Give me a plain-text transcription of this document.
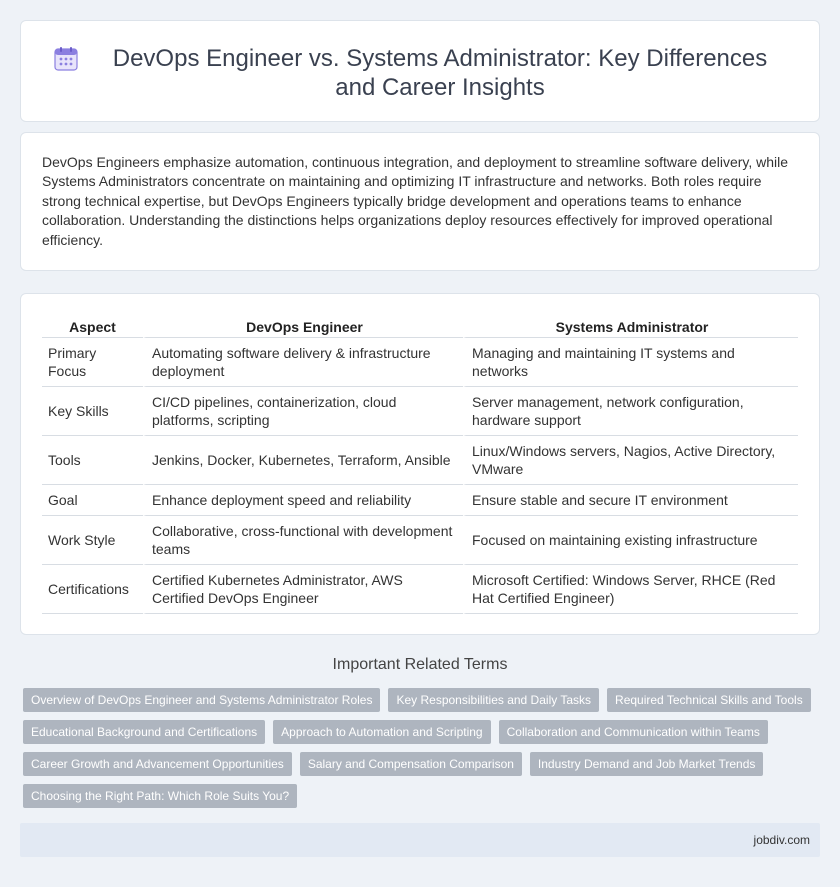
DevOps Engineer vs. Systems Administrator: Key Differences and Career Insights

DevOps Engineers emphasize automation, continuous integration, and deployment to streamline software delivery, while Systems Administrators concentrate on maintaining and optimizing IT infrastructure and networks. Both roles require strong technical expertise, but DevOps Engineers typically bridge development and operations teams to enhance collaboration. Understanding the distinctions helps organizations deploy resources effectively for improved operational efficiency.

Aspect	DevOps Engineer	Systems Administrator
Primary Focus	Automating software delivery & infrastructure deployment	Managing and maintaining IT systems and networks
Key Skills	CI/CD pipelines, containerization, cloud platforms, scripting	Server management, network configuration, hardware support
Tools	Jenkins, Docker, Kubernetes, Terraform, Ansible	Linux/Windows servers, Nagios, Active Directory, VMware
Goal	Enhance deployment speed and reliability	Ensure stable and secure IT environment
Work Style	Collaborative, cross-functional with development teams	Focused on maintaining existing infrastructure
Certifications	Certified Kubernetes Administrator, AWS Certified DevOps Engineer	Microsoft Certified: Windows Server, RHCE (Red Hat Certified Engineer)
Important Related Terms
Overview of DevOps Engineer and Systems Administrator Roles	Key Responsibilities and Daily Tasks	Required Technical Skills and Tools
Educational Background and Certifications	Approach to Automation and Scripting	Collaboration and Communication within Teams
Career Growth and Advancement Opportunities	Salary and Compensation Comparison	Industry Demand and Job Market Trends
Choosing the Right Path: Which Role Suits You?
jobdiv.com
